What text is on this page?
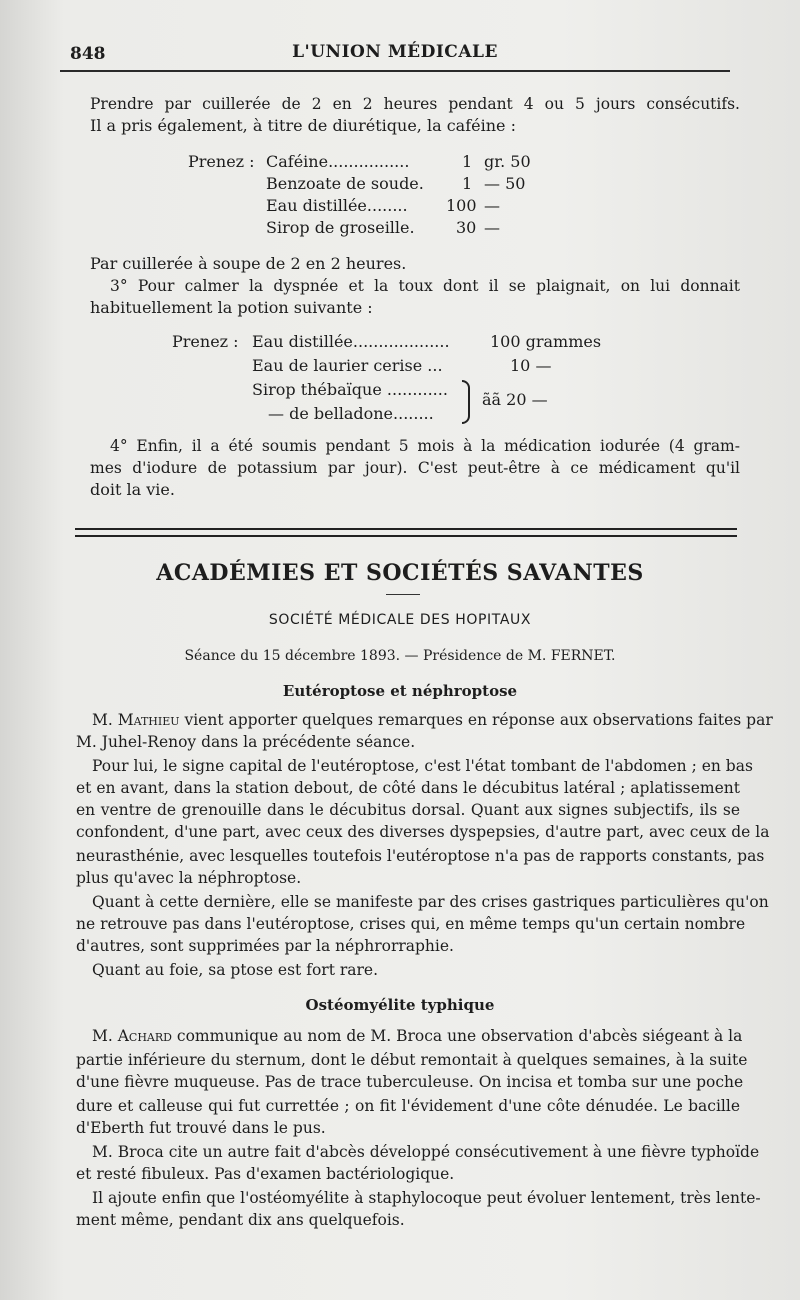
848	L'UNION MÉDICALE
Prendre par cuillerée de 2 en 2 heures pendant 4 ou 5 jours consécutifs.
Il a pris également, à titre de diurétique, la caféine :
Prenez : Caféine................	1 gr. 50
Benzoate de soude. 1 — 50
Eau distillée........ 100 —
Sirop de groseille.	30 —
Par cuillerée à soupe de 2 en 2 heures.
3° Pour calmer la dyspnée et la toux dont il se plaignait, on lui donnait
habituellement la potion suivante :
Prenez : Eau distillée...................	100 grammes
Eau de laurier cerise ...	10 —
Sirop thébaïque ............
— de belladone........
ãã 20 —
4° Enfin, il a été soumis pendant 5 mois à la médication iodurée (4 gram-
mes d'iodure de potassium par jour). C'est peut-être à ce médicament qu'il
doit la vie.
ACADÉMIES ET SOCIÉTÉS SAVANTES
SOCIÉTÉ MÉDICALE DES HOPITAUX
Séance du 15 décembre 1893. — Présidence de M. FERNET.
Eutéroptose et néphroptose
M. Mathieu vient apporter quelques remarques en réponse aux observations faites par
M. Juhel-Renoy dans la précédente séance.
Pour lui, le signe capital de l'eutéroptose, c'est l'état tombant de l'abdomen ; en bas
et en avant, dans la station debout, de côté dans le décubitus latéral ; aplatissement
en ventre de grenouille dans le décubitus dorsal. Quant aux signes subjectifs, ils se
confondent, d'une part, avec ceux des diverses dyspepsies, d'autre part, avec ceux de la
neurasthénie, avec lesquelles toutefois l'eutéroptose n'a pas de rapports constants, pas
plus qu'avec la néphroptose.
Quant à cette dernière, elle se manifeste par des crises gastriques particulières qu'on
ne retrouve pas dans l'eutéroptose, crises qui, en même temps qu'un certain nombre
d'autres, sont supprimées par la néphrorraphie.
Quant au foie, sa ptose est fort rare.
Ostéomyélite typhique
M. Achard communique au nom de M. Broca une observation d'abcès siégeant à la
partie inférieure du sternum, dont le début remontait à quelques semaines, à la suite
d'une fièvre muqueuse. Pas de trace tuberculeuse. On incisa et tomba sur une poche
dure et calleuse qui fut currettée ; on fit l'évidement d'une côte dénudée. Le bacille
d'Eberth fut trouvé dans le pus.
M. Broca cite un autre fait d'abcès développé consécutivement à une fièvre typhoïde
et resté fibuleux. Pas d'examen bactériologique.
Il ajoute enfin que l'ostéomyélite à staphylocoque peut évoluer lentement, très lente-
ment même, pendant dix ans quelquefois.
